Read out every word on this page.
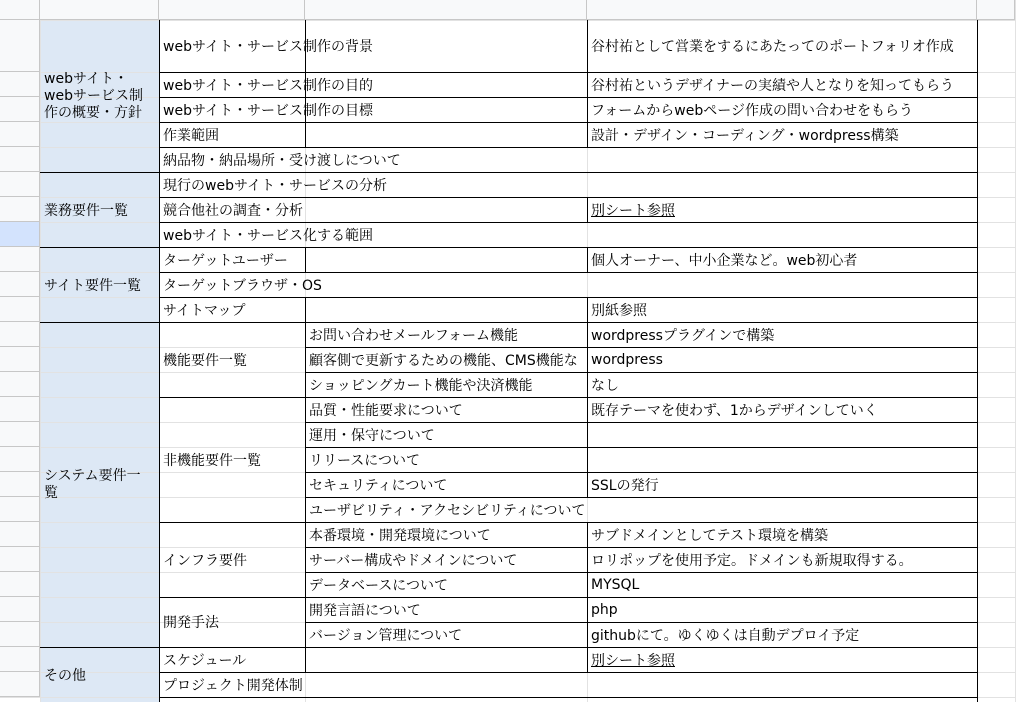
webサイト・
webサービス制
作の概要・方針
業務要件一覧
サイト要件一覧
システム要件一
覧
その他
webサイト・サービス制作の背景
webサイト・サービス制作の目的
webサイト・サービス制作の目標
作業範囲
納品物・納品場所・受け渡しについて
現行のwebサイト・サービスの分析
競合他社の調査・分析
webサイト・サービス化する範囲
ターゲットユーザー
ターゲットブラウザ・OS
サイトマップ
機能要件一覧
非機能要件一覧
インフラ要件
開発手法
スケジュール
プロジェクト開発体制
お問い合わせメールフォーム機能
顧客側で更新するための機能、CMS機能な
ショッピングカート機能や決済機能
品質・性能要求について
運用・保守について
リリースについて
セキュリティについて
ユーザビリティ・アクセシビリティについて
本番環境・開発環境について
サーバー構成やドメインについて
データベースについて
開発言語について
バージョン管理について
谷村祐として営業をするにあたってのポートフォリオ作成
谷村祐というデザイナーの実績や人となりを知ってもらう
フォームからwebページ作成の問い合わせをもらう
設計・デザイン・コーディング・wordpress構築
別シート参照
個人オーナー、中小企業など。web初心者
別紙参照
wordpressプラグインで構築
wordpress
なし
既存テーマを使わず、1からデザインしていく
SSLの発行
サブドメインとしてテスト環境を構築
ロリポップを使用予定。ドメインも新規取得する。
MYSQL
php
githubにて。ゆくゆくは自動デプロイ予定
別シート参照
